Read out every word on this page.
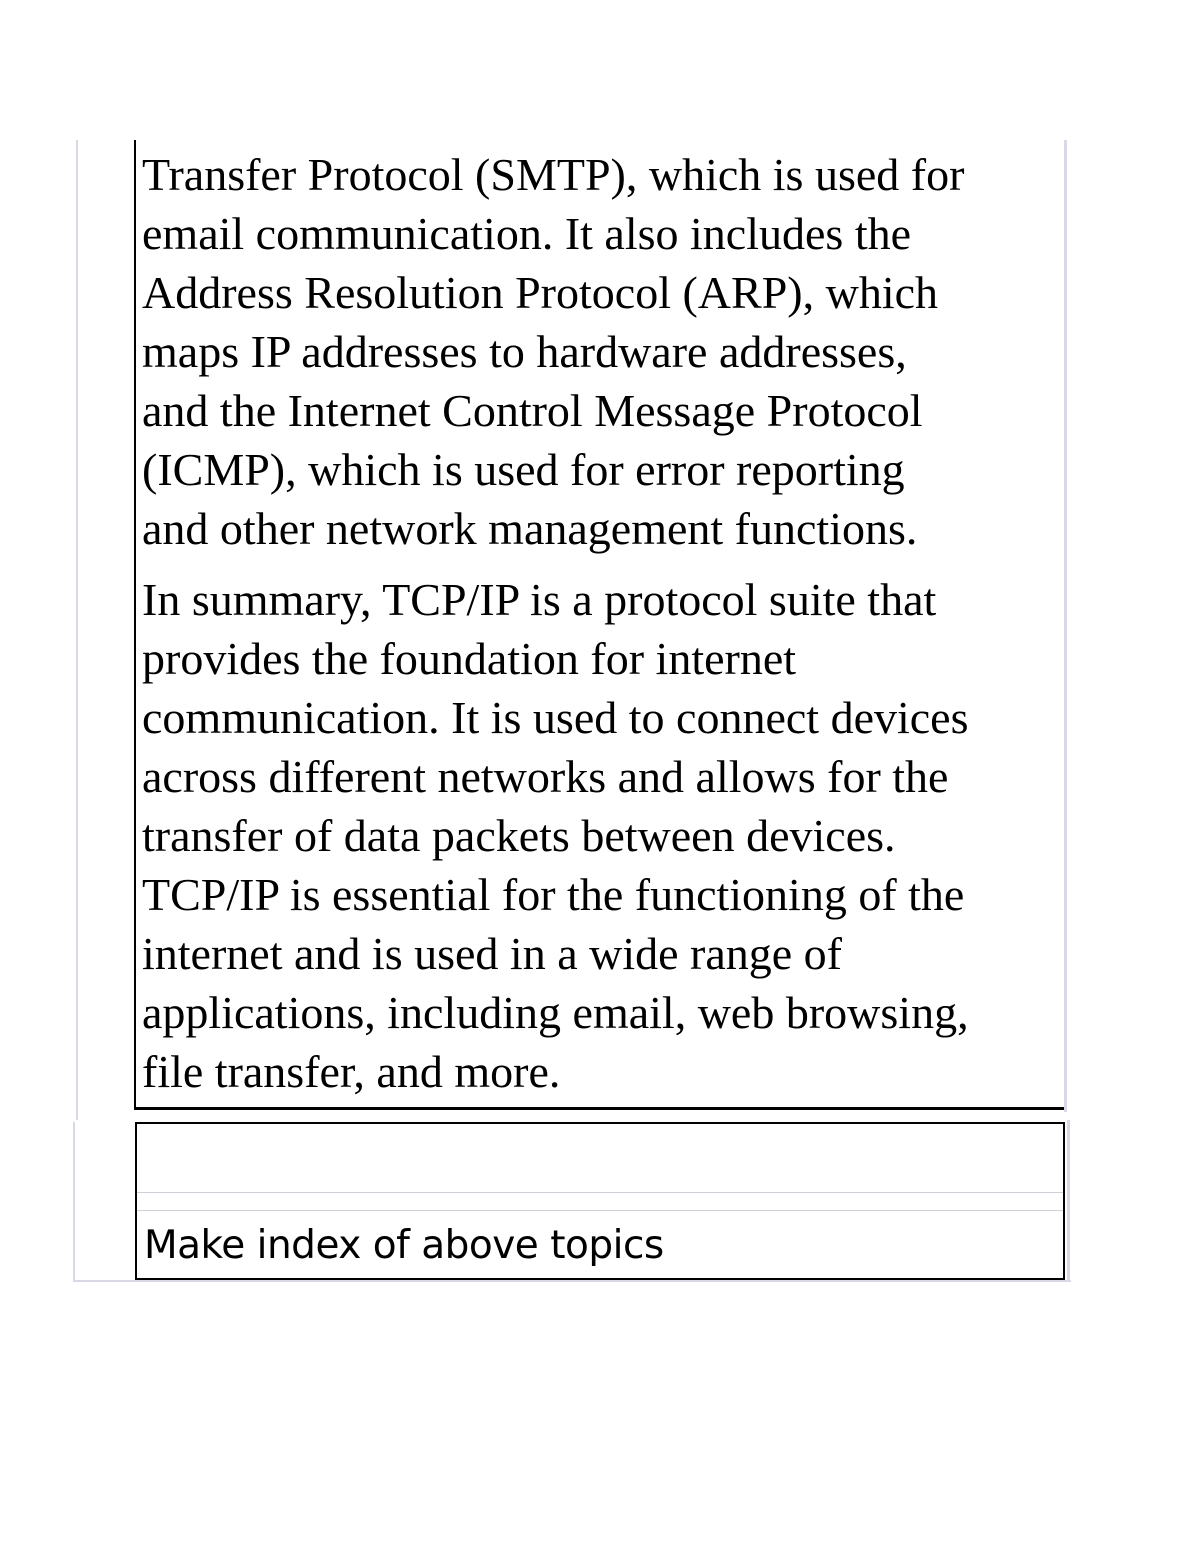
Transfer Protocol (SMTP), which is used for
email communication. It also includes the
Address Resolution Protocol (ARP), which
maps IP addresses to hardware addresses,
and the Internet Control Message Protocol
(ICMP), which is used for error reporting
and other network management functions.

In summary, TCP/IP is a protocol suite that
provides the foundation for internet
communication. It is used to connect devices
across different networks and allows for the
transfer of data packets between devices.
TCP/IP is essential for the functioning of the
internet and is used in a wide range of
applications, including email, web browsing,
file transfer, and more.

Make index of above topics
